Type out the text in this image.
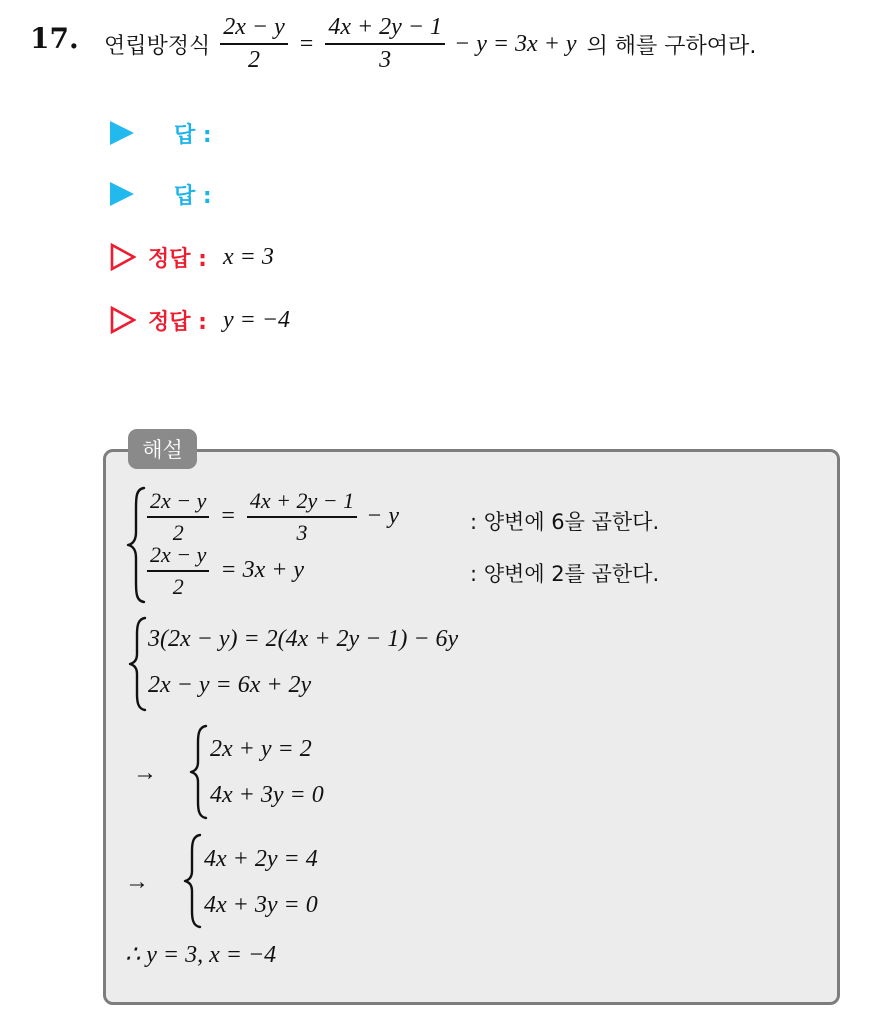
17. 연립방정식 $\frac{2x - y}{2} = \frac{4x + 2y - 1}{3} - y = 3x + y$ 의 해를 구하여라.
답 :
답 :
정답 : x = 3
정답 : y = −4
해설
$\frac{2x - y}{2} = \frac{4x + 2y - 1}{3} - y$	: 양변에 6을 곱한다.
$\frac{2x - y}{2} = 3x + y$	: 양변에 2를 곱한다.
3(2x − y) = 2(4x + 2y − 1) − 6y
2x − y = 6x + 2y
→
2x + y = 2
4x + 3y = 0
→
4x + 2y = 4
4x + 3y = 0
∴ y = 3, x = −4
